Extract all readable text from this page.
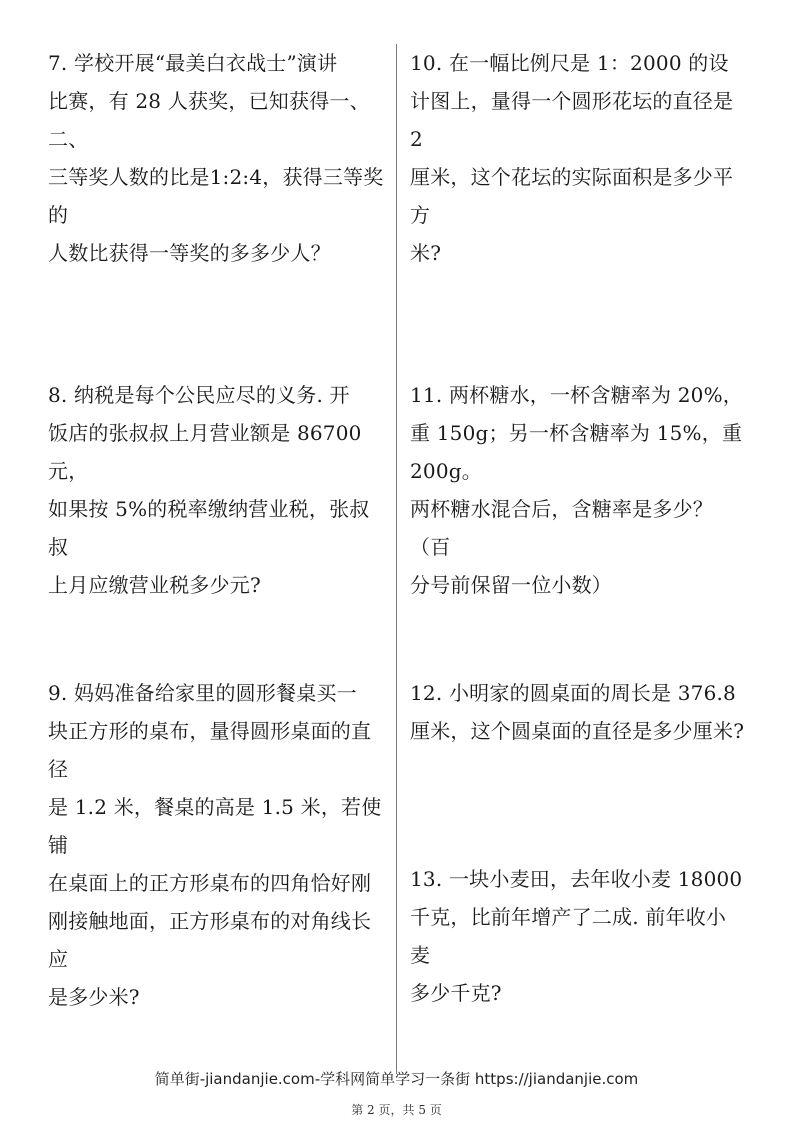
7. 学校开展“最美白衣战士”演讲
比赛，有 28 人获奖，已知获得一、二、
三等奖人数的比是1:2:4，获得三等奖的
人数比获得一等奖的多多少人？
8. 纳税是每个公民应尽的义务. 开
饭店的张叔叔上月营业额是 86700 元，
如果按 5%的税率缴纳营业税，张叔叔
上月应缴营业税多少元?
9. 妈妈准备给家里的圆形餐桌买一
块正方形的桌布，量得圆形桌面的直径
是 1.2 米，餐桌的高是 1.5 米，若使铺
在桌面上的正方形桌布的四角恰好刚
刚接触地面，正方形桌布的对角线长应
是多少米?
10. 在一幅比例尺是 1：2000 的设
计图上，量得一个圆形花坛的直径是 2
厘米，这个花坛的实际面积是多少平方
米?
11. 两杯糖水，一杯含糖率为 20%，
重 150g；另一杯含糖率为 15%，重 200g。
两杯糖水混合后，含糖率是多少？（百
分号前保留一位小数）
12. 小明家的圆桌面的周长是 376.8
厘米，这个圆桌面的直径是多少厘米?
13. 一块小麦田，去年收小麦 18000
千克，比前年增产了二成. 前年收小麦
多少千克?
简单街-jiandanjie.com-学科网简单学习一条街 https://jiandanjie.com
第 2 页，共 5 页
